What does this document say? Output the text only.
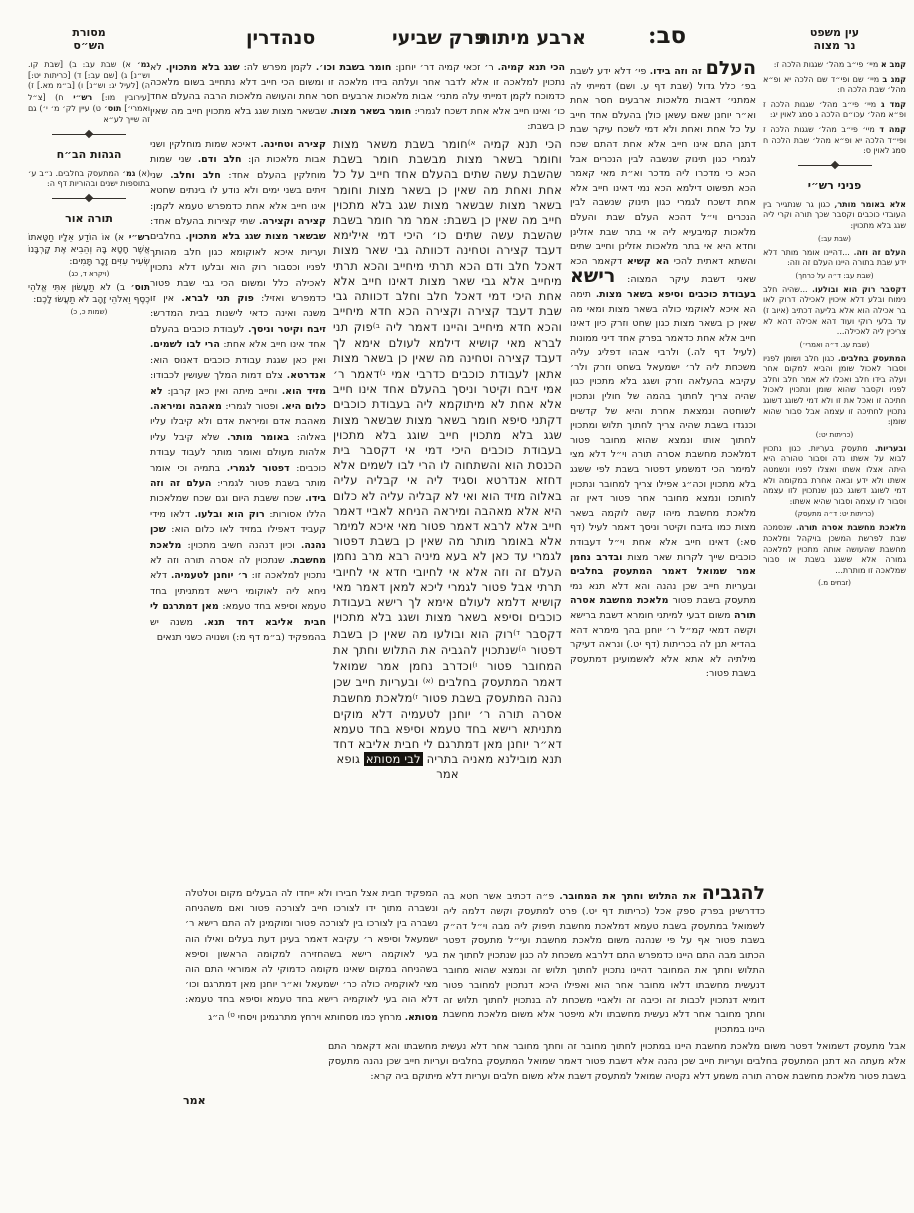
סב:
ארבע מיתות
פרק שביעי
סנהדרין	עין משפט
נר מצוה
קמב א מיי׳ פי״ב מהל׳ שגגות הלכה ז:
קמג ב מיי׳ שם ופי״ד שם הלכה יא ופ״א מהל׳ שבת הלכה ח:
קמד ג מיי׳ פי״ב מהל׳ שגגות הלכה ז ופ״א מהל׳ עכו״ם הלכה ג סמג לאוין יג:
קמה ד מיי׳ פי״ב מהל׳ שגגות הלכה ז ופי״ד הלכה יא ופ״א מהל׳ שבת הלכה ח סמג לאוין ס:
פניני רש״י
אלא באומר מותר, כגון גר שנתגייר בין העובדי כוכבים וקסבר שכך תורה וקרי ליה שגג בלא מתכוין:
(שבת עב:)
העלם זה וזה. ...דהיינו אומר מותר דלא ידע שבת בתורה היינו העלם זה וזה:
(שבת עב: ד״ה על כרחך)
דקסבר רוק הוא ובולעו. ...שהיה חלב נימוח ובלע דלא איכוין לאכילה דרוק לאו בר אכילה הוא אלא בליעה דכתיב (איוב ז) עד בלעי רוקי ועוד דהא אכילה דהא לא צריכין ליה לאכילה...
(שבת עג. ד״ה ואמרי׳)
המתעסק בחלבים. כגון חלב ושומן לפניו וסבור לאכול שומן והביא למקום אחר ועלה בידו חלב ואכלו לא אמר חלב וחלב לפניו וקסבר שהוא שומן ונתכוין לאכול חתיכה זו ואכל את זו ולא דמי לשוגג דשוגג נתכוין לחתיכה זו עצמה אבל סבור שהוא שומן:
(כריתות יט:)
ובעריות. מתעסק בעריות. כגון נתכוין לבוא על אשתו נדה וסבור טהורה היא היתה אצלו אשתו ואצלו לפניו ונשמטה אשתו ולא ידע ובאה אחרת במקומה ולא דמי לשוגג דשוגג כגון שנתכוין לזו עצמה וסבור לו עצמה וסבור שהיא אשתו:
(כריתות יט: ד״ה מתעסק)
מלאכת מחשבת אסרה תורה. שנסמכה שבת לפרשת המשכן בויקהל ומלאכת מחשבת שהעושה אותה מתכוין למלאכה גמורה אלא ששגג בשבת או סבור שמלאכה זו מותרת...
(זבחים מ.)
מסורת
הש״ס
גמ׳ א) שבת עב: ב) [שבת קו. וש״נ] ג) [שם עב:] ד) [כריתות יט:] ה) [לעיל יג: וש״נ] ו) [ב״מ מא.] ז) [עירובין מו:] רש״י ח) [צ״ל ואמרי׳] תוס׳ ט) עיין לק׳ מ׳ י׳) גם זה שייך לע״א
הגהות הב״ח
(א) גמ׳ המתעסק בחלבים. נ״ב ע׳ בתוספות ישנים ובהוריות דף ה:
תורה אור
רש״י א) אוֹ הוֹדַע אֵלָיו חַטָּאתוֹ אֲשֶׁר חָטָא בָּהּ וְהֵבִיא אֶת קָרְבָּנוֹ שְׂעִיר עִזִּים זָכָר תָּמִים:
(ויקרא ד, כג)
תוס׳ ב) לֹא תַעֲשׂוּן אִתִּי אֱלֹהֵי כֶסֶף וֵאלֹהֵי זָהָב לֹא תַעֲשׂוּ לָכֶם:
(שמות כ, כ)
הכי תנא קמיה. ר׳ זכאי קמיה דר׳ יוחנן: חומר בשבת וכו׳. לקמן מפרש לה: שגג בלא מתכוין. לא נתכוין למלאכה זו אלא לדבר אחר ועלתה בידו מלאכה זו ומשום הכי חייב דלא נתחייב בשום מלאכה כדמוכח לקמן דמייתי עלה מתני׳ אבות מלאכות ארבעים חסר אחת והעושה מלאכות הרבה בהעלם אחד כו׳ ואינו חייב אלא אחת דשכח לגמרי: חומר בשאר מצות. שבשאר מצות שגג בלא מתכוין חייב מה שאין כן בשבת:
הכי תנא קמיה $^{א)}$חומר בשבת משאר מצות וחומר בשאר מצות מבשבת חומר בשבת שהשבת עשה שתים בהעלם אחד חייב על כל אחת ואחת מה שאין כן בשאר מצות וחומר בשאר מצות שבשאר מצות שגג בלא מתכוין חייב מה שאין כן בשבת: אמר מר חומר בשבת שהשבת עשה שתים כו׳ היכי דמי אילימא דעבד קצירה וטחינה דכוותה גבי שאר מצות דאכל חלב ודם הכא תרתי מיחייב והכא תרתי מיחייב אלא גבי שאר מצות דאינו חייב אלא אחת היכי דמי דאכל חלב וחלב דכוותה גבי שבת דעבד קצירה וקצירה הכא חדא מיחייב והכא חדא מיחייב והיינו דאמר ליה $^{ב)}$פוק תני לברא מאי קושיא דילמא לעולם אימא לך דעבד קצירה וטחינה מה שאין כן בשאר מצות אתאן לעבודת כוכבים כדרבי אמי $^{ג)}$דאמר ר׳ אמי זיבח וקיטר וניסך בהעלם אחד אינו חייב אלא אחת לא מיתוקמא ליה בעבודת כוכבים דקתני סיפא חומר בשאר מצות שבשאר מצות שגג בלא מתכוין חייב שוגג בלא מתכוין בעבודת כוכבים היכי דמי אי דקסבר בית הכנסת הוא והשתחוה לו הרי לבו לשמים אלא דחזא אנדרטא וסגיד ליה אי קבליה עליה באלוה מזיד הוא ואי לא קבליה עליה לא כלום היא אלא מאהבה ומיראה הניחא לאביי דאמר חייב אלא לרבא דאמר פטור מאי איכא למימר אלא באומר מותר מה שאין כן בשבת דפטור לגמרי עד כאן לא בעא מיניה רבא מרב נחמן העלם זה וזה אלא אי לחיובי חדא אי לחיובי תרתי אבל פטור לגמרי ליכא למאן דאמר מאי קושיא דלמא לעולם אימא לך רישא בעבודת כוכבים וסיפא בשאר מצות ושגג בלא מתכוין דקסבר $^{ד)}$רוק הוא ובולעו מה שאין כן בשבת דפטור $^{ה)}$שנתכוין להגביה את התלוש וחתך את המחובר פטור $^{ו)}$וכדרב נחמן אמר שמואל דאמר המתעסק בחלבים $^{(א)}$ ובעריות חייב שכן נהנה המתעסק בשבת פטור $^{ז)}$מלאכת מחשבת אסרה תורה ר׳ יוחנן לטעמיה דלא מוקים מתניתא רישא בחד טעמא וסיפא בחד טעמא דא״ר יוחנן מאן דמתרגם לי חבית אליבא דחד תנא מובילנא מאניה בתריה לבי מסותא גופא
אמר
קצירה וטחינה. דאיכא שמות מוחלקין ושני אבות מלאכות הן: חלב ודם. שני שמות מוחלקין בהעלם אחד: חלב וחלב. שני זיתים בשני ימים ולא נודע לו בינתים שחטא אינו חייב אלא אחת כדמפרש טעמא לקמן: קצירה וקצירה. שתי קצירות בהעלם אחד: שבשאר מצות שגג בלא מתכוין. בחלבים ועריות איכא לאוקומא כגון חלב מהותך לפניו וכסבור רוק הוא ובלעו דלא נתכוין לאכילה כלל ומשום הכי גבי שבת פטור כדמפרש ואזיל: פוק תני לברא. אין זו משנה ואינה כדאי לישנות בבית המדרש: זיבח וקיטר וניסך. לעבודת כוכבים בהעלם אחד אינו חייב אלא אחת: הרי לבו לשמים. ואין כאן שגגת עבודת כוכבים דאנוס הוא: אנדרטא. צלם דמות המלך שעושין לכבודו: מזיד הוא. וחייב מיתה ואין כאן קרבן: לא כלום היא. ופטור לגמרי: מאהבה ומיראה. מאהבת אדם ומיראת אדם ולא קיבלו עליו באלוה: באומר מותר. שלא קיבל עליו אלהות מעולם ואומר מותר לעבוד עבודת כוכבים: דפטור לגמרי. בתמיה וכי אומר מותר בשבת פטור לגמרי: העלם זה וזה בידו. שכח ששבת היום וגם שכח שמלאכות הללו אסורות: רוק הוא ובלעו. דלאו מידי קעביד דאפילו במזיד לאו כלום הוא: שכן נהנה. וכיון דנהנה חשיב מתכוין: מלאכת מחשבת. שנתכוין לה אסרה תורה וזה לא נתכוין למלאכה זו: ר׳ יוחנן לטעמיה. דלא ניחא ליה לאוקומי רישא דמתניתין בחד טעמא וסיפא בחד טעמא: מאן דמתרגם לי חבית אליבא דחד תנא. משנה יש בהמפקיד (ב״מ דף מ:) ושנויה כשני תנאים
העלם זה וזה בידו. פי׳ דלא ידע לשבת בפ׳ כלל גדול (שבת דף ע. ושם) דמייתי לה אמתני׳ דאבות מלאכות ארבעים חסר אחת וא״ר יוחנן שאם עשאן כולן בהעלם אחד חייב על כל אחת ואחת ולא דמי לשכח עיקר שבת דתנן התם אינו חייב אלא אחת דהתם שכח לגמרי כגון תינוק שנשבה לבין הנכרים אבל הכא כי מדכרו ליה מדכר וא״ת מאי קאמר הכא תפשוט דילמא הכא נמי דאינו חייב אלא אחת דשכח לגמרי כגון תינוק שנשבה לבין הנכרים וי״ל דהכא העלם שבת והעלם מלאכות קמיבעיא ליה אי בתר שבת אזלינן וחדא היא אי בתר מלאכות אזלינן וחייב שתים והשתא דאתית להכי הא קשיא דקאמר הכא שאני דשבת עיקר המצוה: רישא בעבודת כוכבים וסיפא בשאר מצות. תימה הא איכא לאוקמי כולה בשאר מצות ומאי מה שאין כן בשאר מצות כגון שחט וזרק כיון דאינו חייב אלא אחת כדאמר בפרק אחד דיני ממונות (לעיל דף לה.) ולרבי אבהו דפליג עליה משכחת ליה לר׳ ישמעאל בשחט וזרק ולר׳ עקיבא בהעלאה וזרק ושגג בלא מתכוין כגון שהיה צריך לחתוך בהמה של חולין ונתכוין לשוחטה ונמצאת אחרת והיא של קדשים וכנגדו בשבת שהיה צריך לחתוך תלוש ומתכוין לחתוך אותו ונמצא שהוא מחובר פטור דמלאכת מחשבת אסרה תורה וי״ל דלא מצי למימר הכי דמשמע דפטור בשבת לפי ששגג בלא מתכוין וכה״ג אפילו צריך למחובר ונתכוין לחותכו ונמצא מחובר אחר פטור דאין זה מלאכת מחשבת מיהו קשה לוקמה בשאר מצות כמו בזיבח וקיטר וניסך דאמר לעיל (דף סא:) דאינו חייב אלא אחת וי״ל דעבודת כוכבים שייך לקרות שאר מצות ובדרב נחמן אמר שמואל דאמר המתעסק בחלבים ובעריות חייב שכן נהנה והא דלא תנא נמי מתעסק בשבת פטור מלאכת מחשבת אסרה תורה משום דבעי למיתני חומרא דשבת ברישא וקשה דמאי קמ״ל ר׳ יוחנן בהך מימרא דהא בהדיא תנן לה בכריתות (דף יט.) ונראה דעיקר מילתיה לא אתא אלא לאשמועינן דמתעסק בשבת פטור:
המפקיד חבית אצל חבירו ולא ייחדו לה הבעלים מקום וטלטלה ונשברה מתוך ידו לצורכו חייב לצורכה פטור ואם משהניחה נשברה בין לצורכו בין לצורכה פטור ומוקמינן לה התם רישא ר׳ ישמעאל וסיפא ר׳ עקיבא דאמר בעינן דעת בעלים ואילו הוה בעי לאוקמה רישא בשהחזירה למקומה הראשון וסיפא בשהניחה במקום שאינו מקומה כדמוקי לה אמוראי התם הוה מצי לאוקמיה כולה כר׳ ישמעאל וא״ר יוחנן מאן דמתרגם וכו׳ דלא הוה בעי לאוקמיה רישא בחד טעמא וסיפא בחד טעמא: מסותא. מרחץ כמו מסחותא וירחץ מתרגמינן ויסחי $^{ט)}$ ה״ג
להגביה את התלוש וחתך את המחובר. פ״ה דכתיב אשר חטא בה כדדרשינן בפרק ספק אכל (כריתות דף יט.) פרט למתעסק וקשה דלמה ליה לשמואל במתעסק בשבת טעמא דמלאכת מחשבת תיפוק ליה מבה וי״ל דה״ק בשבת פטור אף על פי שנהנה משום מלאכת מחשבת ועי״ל מתעסק דפטר הכתוב מבה התם היינו כדמפרש התם דלרבא משכחת לה כגון שנתכוין לחתוך את התלוש וחתך את המחובר דהיינו נתכוין לחתוך תלוש זה ונמצא שהוא מחובר דנעשית מחשבתו דלאו מחובר אחר הוא ואפילו היכא דנתכוין למחובר פטור דומיא דנתכוין לכבות זה וכיבה זה ולאביי משכחת לה בנתכוין לחתוך תלוש זה וחתך מחובר אחר דלא נעשית מחשבתו ולא מיפטר אלא משום מלאכת מחשבת היינו במתכוין
אבל מתעסק דשמואל דפטר משום מלאכת מחשבת היינו במתכוין לחתוך מחובר זה וחתך מחובר אחר דלא נעשית מחשבתו והא דקאמר התם אלא מעתה הא דתנן המתעסק בחלבים ועריות חייב שכן נהנה אלא דשבת פטור דאמר שמואל המתעסק בחלבים ועריות חייב שכן נהנה מתעסק בשבת פטור מלאכת מחשבת אסרה תורה משמע דלא נקטיה שמואל למתעסק דשבת אלא משום חלבים ועריות דלא מיתוקם ביה קרא:
אמר
